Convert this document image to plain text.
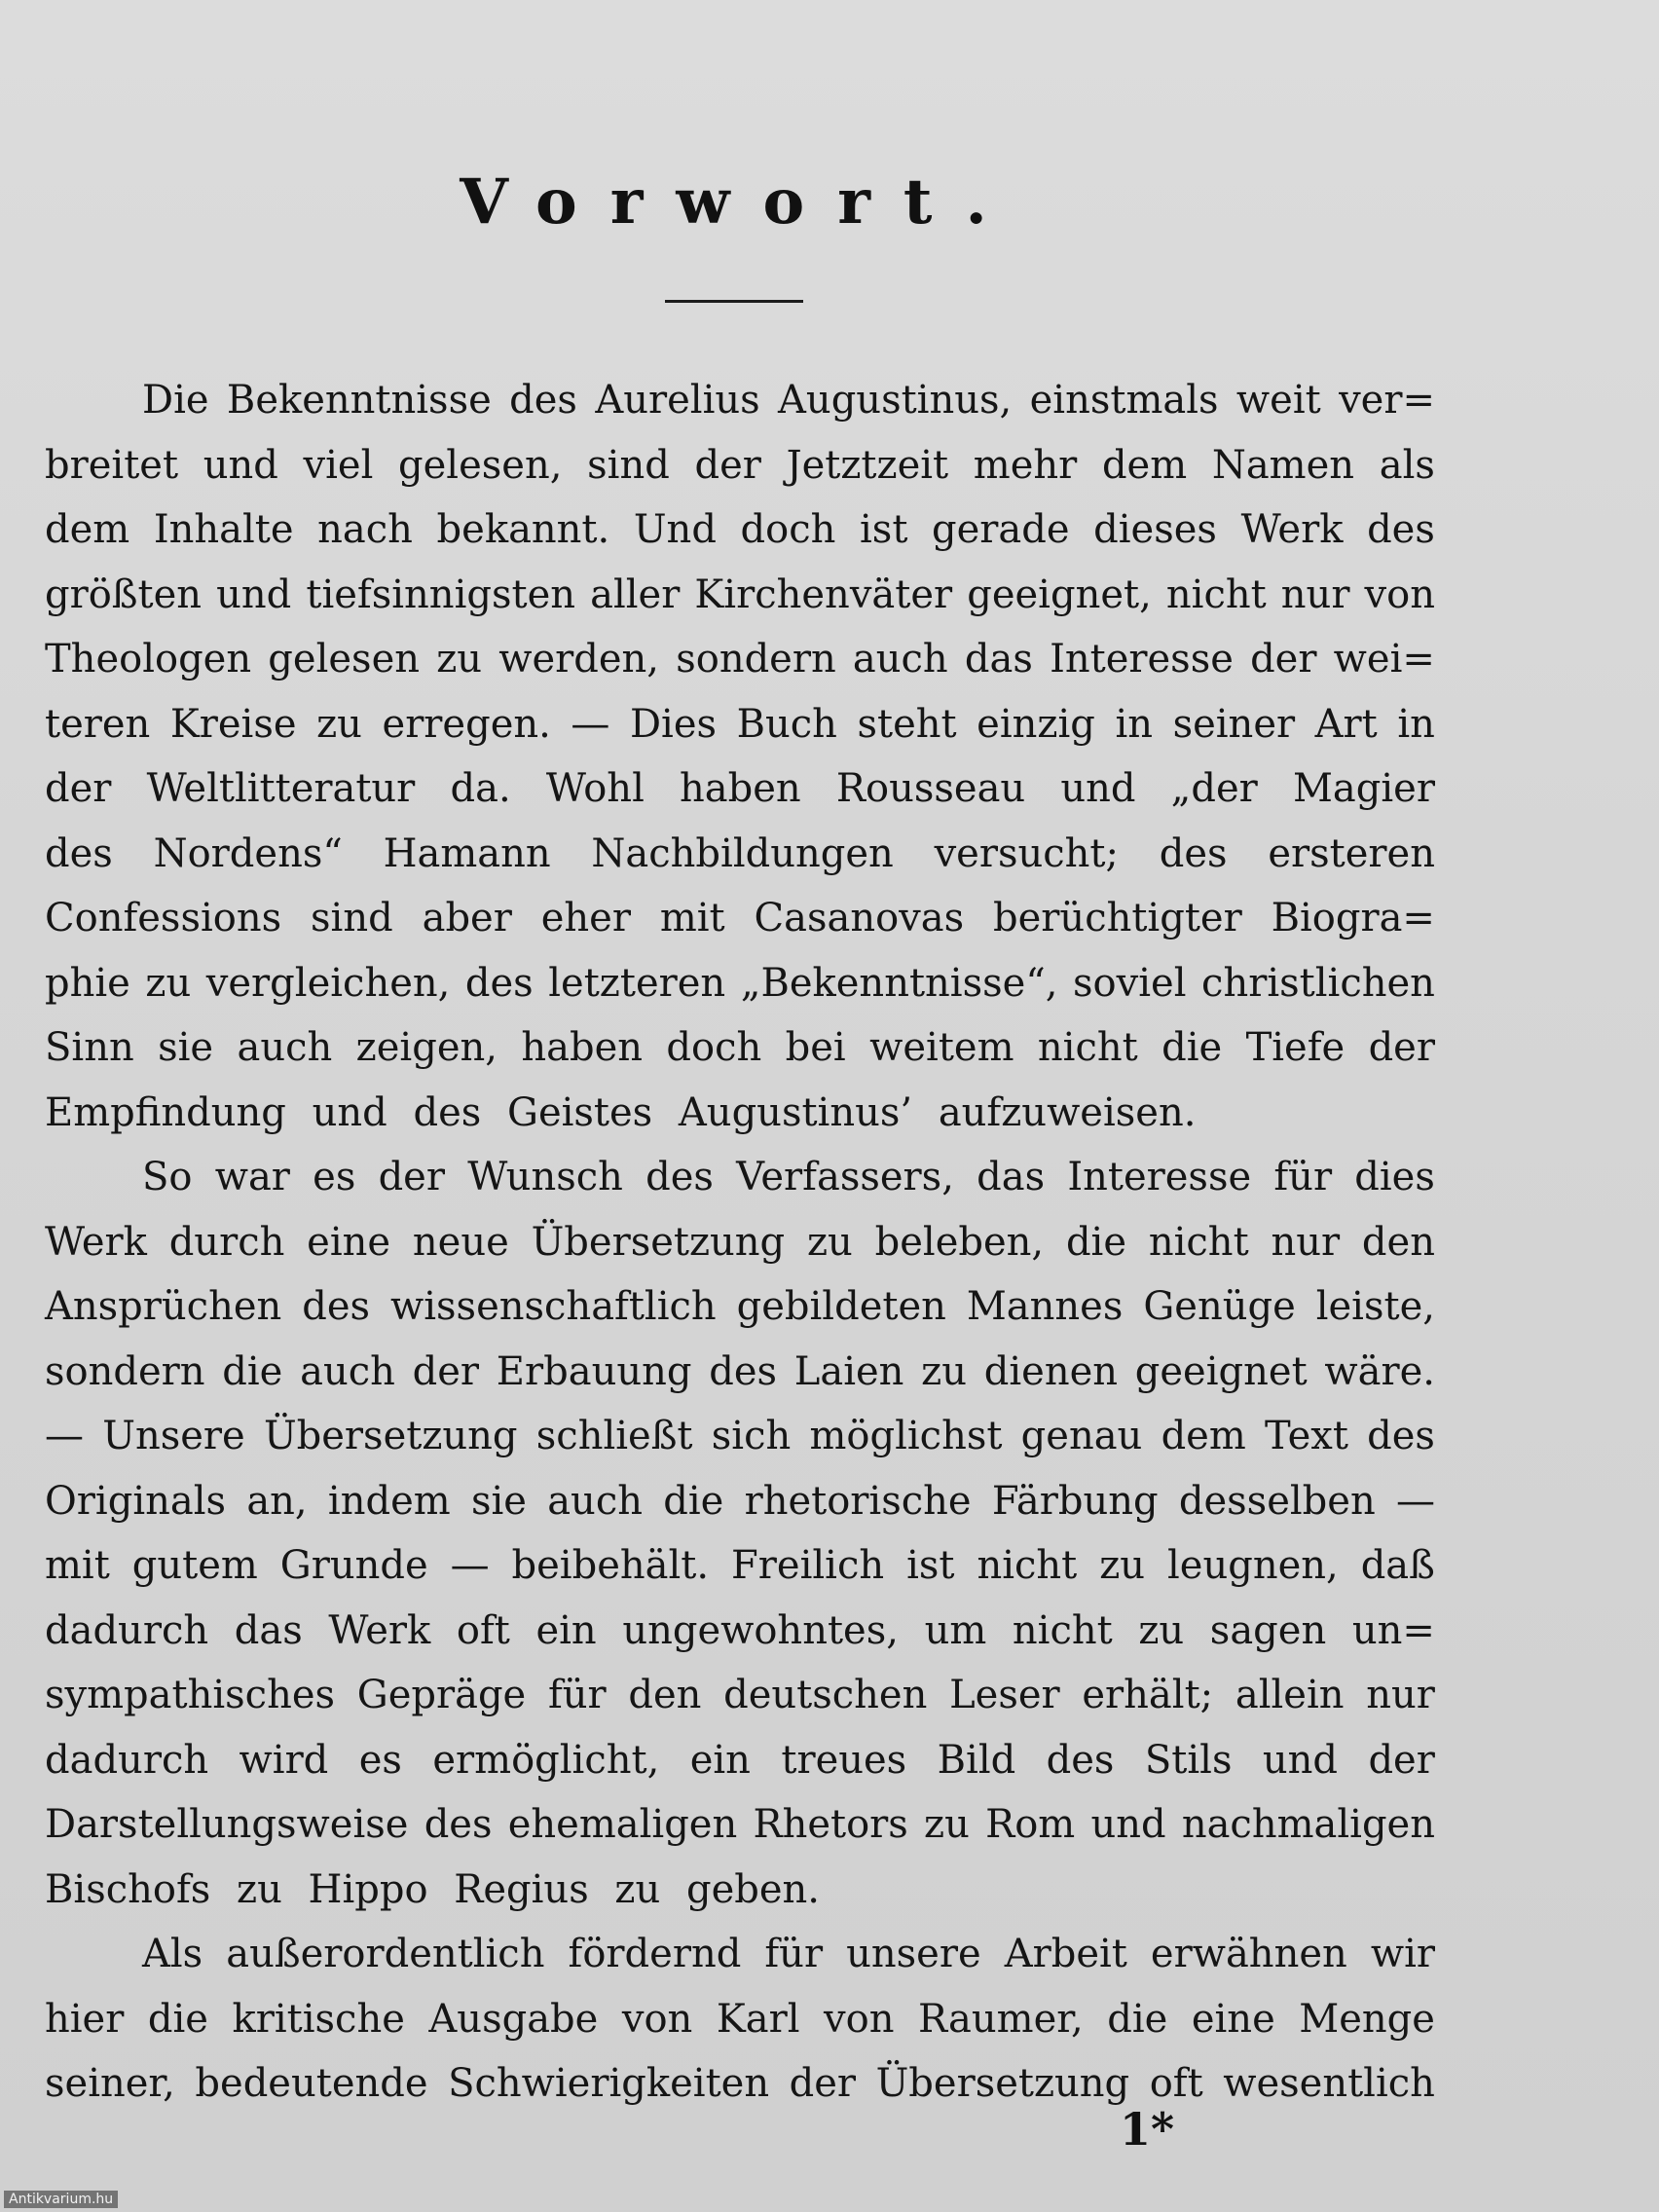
Vorwort.
Die Bekenntnisse des Aurelius Augustinus, einstmals weit ver=
breitet und viel gelesen, sind der Jetztzeit mehr dem Namen als
dem Inhalte nach bekannt. Und doch ist gerade dieses Werk des
größten und tiefsinnigsten aller Kirchenväter geeignet, nicht nur von
Theologen gelesen zu werden, sondern auch das Interesse der wei=
teren Kreise zu erregen. — Dies Buch steht einzig in seiner Art in
der Weltlitteratur da. Wohl haben Rousseau und „der Magier
des Nordens“ Hamann Nachbildungen versucht; des ersteren
Confessions sind aber eher mit Casanovas berüchtigter Biogra=
phie zu vergleichen, des letzteren „Bekenntnisse“, soviel christlichen
Sinn sie auch zeigen, haben doch bei weitem nicht die Tiefe der
Empfindung und des Geistes Augustinus’ aufzuweisen.
So war es der Wunsch des Verfassers, das Interesse für dies
Werk durch eine neue Übersetzung zu beleben, die nicht nur den
Ansprüchen des wissenschaftlich gebildeten Mannes Genüge leiste,
sondern die auch der Erbauung des Laien zu dienen geeignet wäre.
— Unsere Übersetzung schließt sich möglichst genau dem Text des
Originals an, indem sie auch die rhetorische Färbung desselben —
mit gutem Grunde — beibehält. Freilich ist nicht zu leugnen, daß
dadurch das Werk oft ein ungewohntes, um nicht zu sagen un=
sympathisches Gepräge für den deutschen Leser erhält; allein nur
dadurch wird es ermöglicht, ein treues Bild des Stils und der
Darstellungsweise des ehemaligen Rhetors zu Rom und nachmaligen
Bischofs zu Hippo Regius zu geben.
Als außerordentlich fördernd für unsere Arbeit erwähnen wir
hier die kritische Ausgabe von Karl von Raumer, die eine Menge
seiner, bedeutende Schwierigkeiten der Übersetzung oft wesentlich
1*
Antikvarium.hu
